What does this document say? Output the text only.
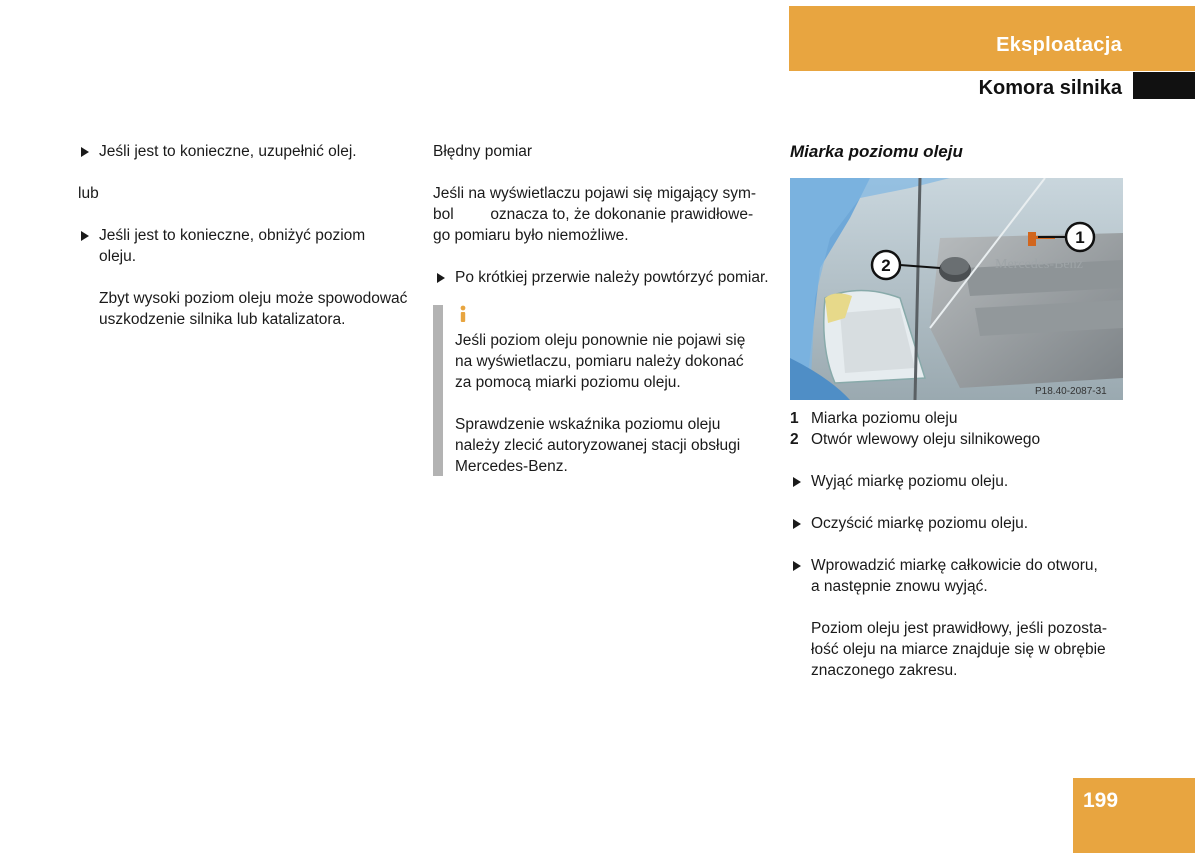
Eksploatacja
Komora silnika
Jeśli jest to konieczne, uzupełnić olej.
lub
Jeśli jest to konieczne, obniżyć poziom
oleju.
Zbyt wysoki poziom oleju może spowodować
uszkodzenie silnika lub katalizatora.
Błędny pomiar
Jeśli na wyświetlaczu pojawi się migający sym-
bol oznacza to, że dokonanie prawidłowe-
go pomiaru było niemożliwe.
Po krótkiej przerwie należy powtórzyć pomiar.
Jeśli poziom oleju ponownie nie pojawi się
na wyświetlaczu, pomiaru należy dokonać
za pomocą miarki poziomu oleju.

Sprawdzenie wskaźnika poziomu oleju
należy zlecić autoryzowanej stacji obsługi
Mercedes-Benz.
Miarka poziomu oleju
Mercedes-Benz
1
2
P18.40-2087-31
1 Miarka poziomu oleju
2 Otwór wlewowy oleju silnikowego
Wyjąć miarkę poziomu oleju.
Oczyścić miarkę poziomu oleju.
Wprowadzić miarkę całkowicie do otworu,
a następnie znowu wyjąć.
Poziom oleju jest prawidłowy, jeśli pozosta-
łość oleju na miarce znajduje się w obrębie
znaczonego zakresu.
199
